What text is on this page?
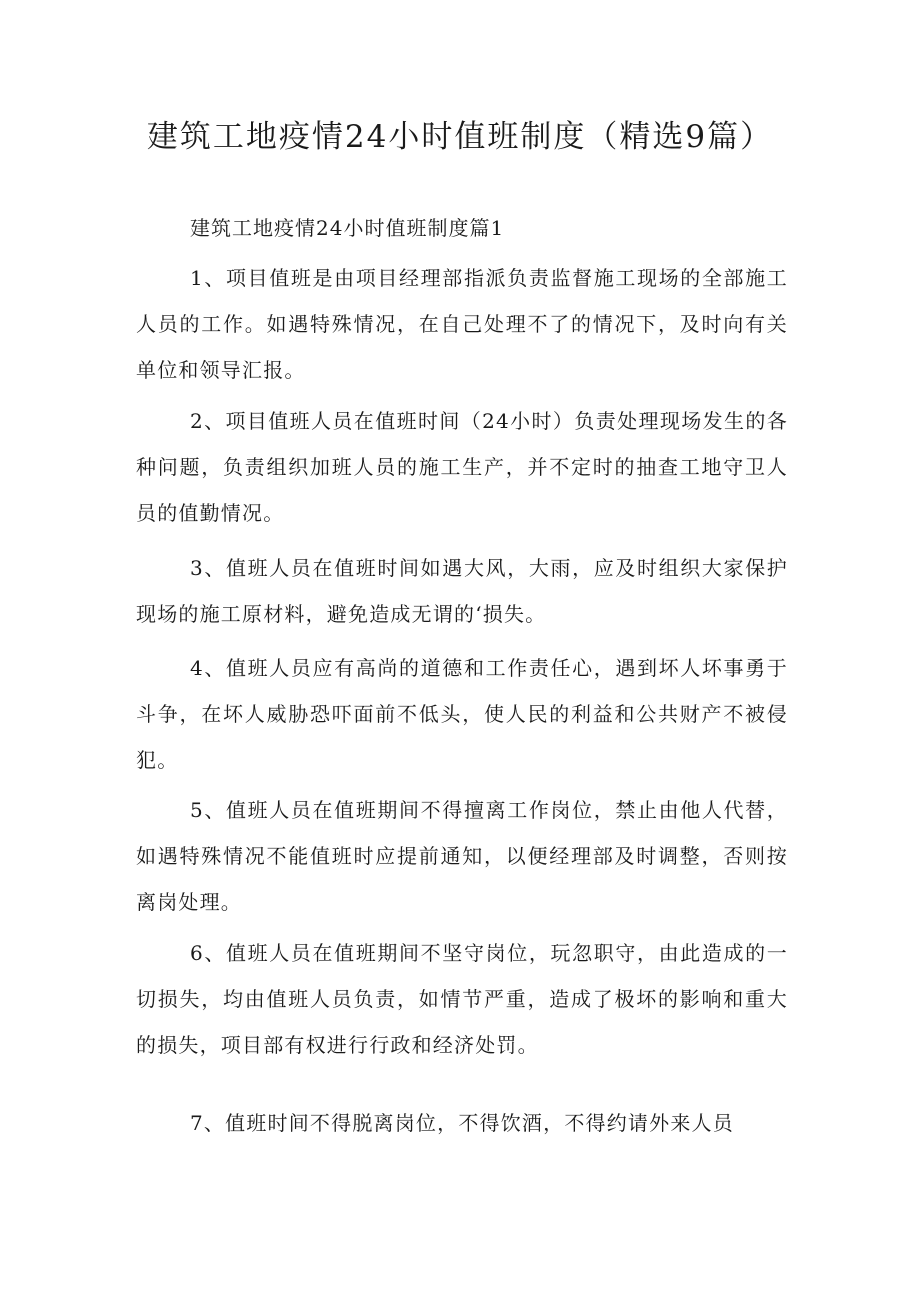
建筑工地疫情24小时值班制度（精选9篇）
建筑工地疫情24小时值班制度篇1

1、项目值班是由项目经理部指派负责监督施工现场的全部施工人员的工作。如遇特殊情况，在自己处理不了的情况下，及时向有关单位和领导汇报。

2、项目值班人员在值班时间（24小时）负责处理现场发生的各种问题，负责组织加班人员的施工生产，并不定时的抽查工地守卫人员的值勤情况。

3、值班人员在值班时间如遇大风，大雨，应及时组织大家保护现场的施工原材料，避免造成无谓的‘损失。

4、值班人员应有高尚的道德和工作责任心，遇到坏人坏事勇于斗争，在坏人威胁恐吓面前不低头，使人民的利益和公共财产不被侵犯。

5、值班人员在值班期间不得擅离工作岗位，禁止由他人代替，如遇特殊情况不能值班时应提前通知，以便经理部及时调整，否则按离岗处理。

6、值班人员在值班期间不坚守岗位，玩忽职守，由此造成的一切损失，均由值班人员负责，如情节严重，造成了极坏的影响和重大的损失，项目部有权进行行政和经济处罚。

7、值班时间不得脱离岗位，不得饮酒，不得约请外来人员
